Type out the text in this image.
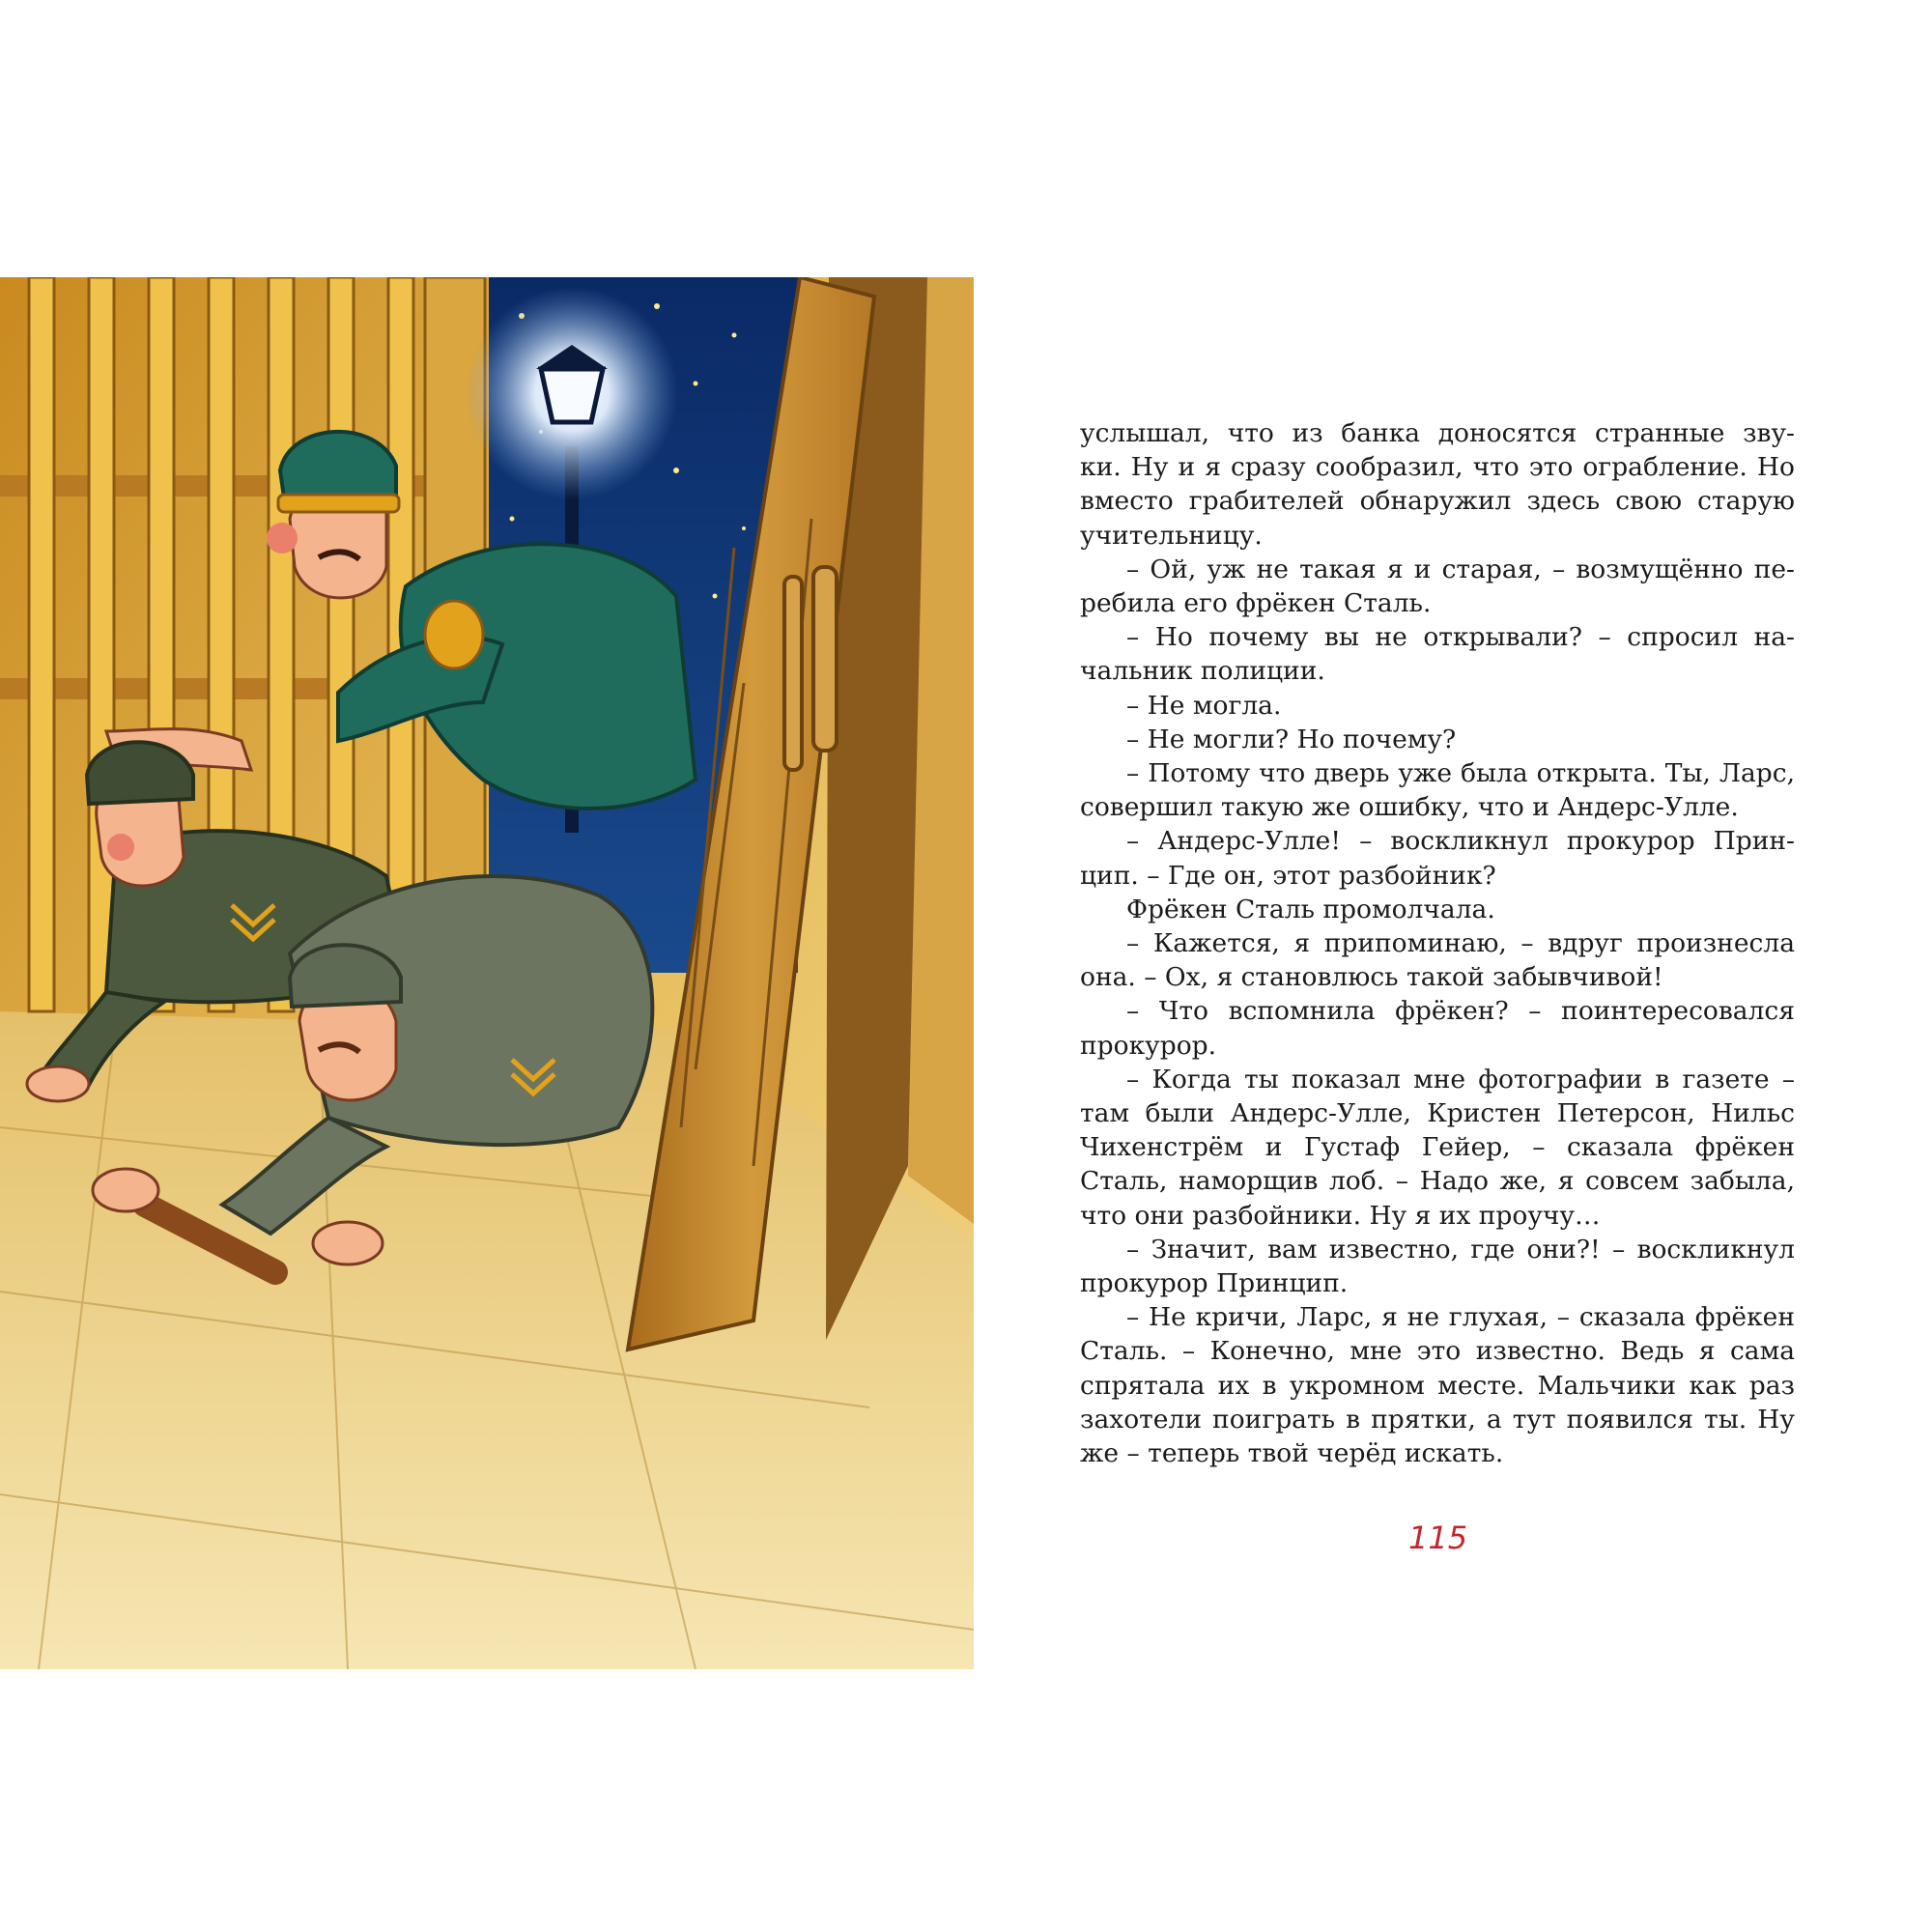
услышал, что из банка доносятся странные зву-
ки. Ну и я сразу сообразил, что это ограбление. Но
вместо грабителей обнаружил здесь свою старую
учительницу.
– Ой, уж не такая я и старая, – возмущённо пе-
ребила его фрёкен Сталь.
– Но почему вы не открывали? – спросил на-
чальник полиции.
– Не могла.
– Не могли? Но почему?
– Потому что дверь уже была открыта. Ты, Ларс,
совершил такую же ошибку, что и Андерс-Улле.
– Андерс-Улле! – воскликнул прокурор Прин-
цип. – Где он, этот разбойник?
Фрёкен Сталь промолчала.
– Кажется, я припоминаю, – вдруг произнесла
она. – Ох, я становлюсь такой забывчивой!
– Что вспомнила фрёкен? – поинтересовался
прокурор.
– Когда ты показал мне фотографии в газете –
там были Андерс-Улле, Кристен Петерсон, Нильс
Чихенстрём и Густаф Гейер, – сказала фрёкен
Сталь, наморщив лоб. – Надо же, я совсем забыла,
что они разбойники. Ну я их проучу…
– Значит, вам известно, где они?! – воскликнул
прокурор Принцип.
– Не кричи, Ларс, я не глухая, – сказала фрёкен
Сталь. – Конечно, мне это известно. Ведь я сама
спрятала их в укромном месте. Мальчики как раз
захотели поиграть в прятки, а тут появился ты. Ну
же – теперь твой черёд искать.
115
